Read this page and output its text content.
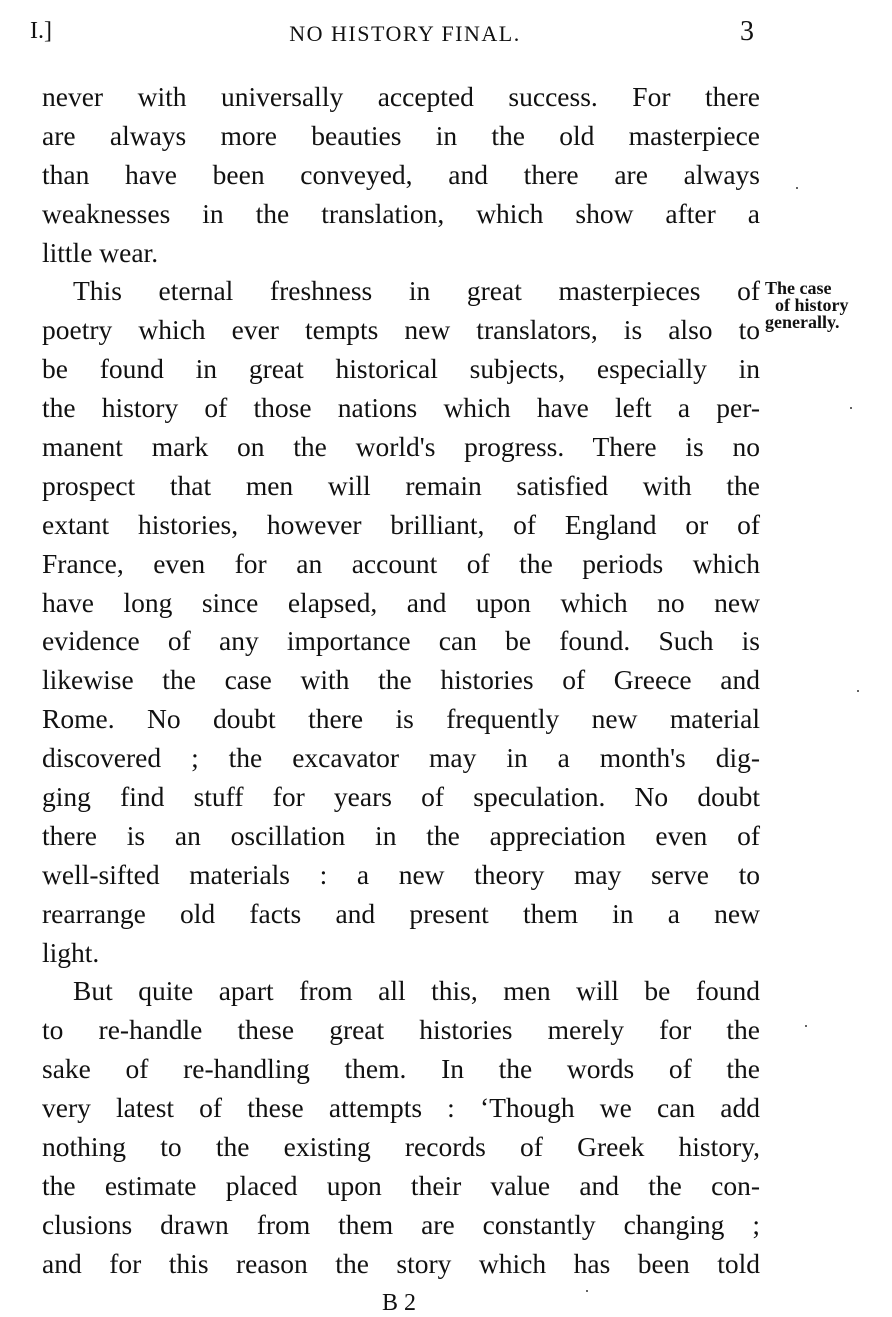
I.]	NO HISTORY FINAL.	3
never with universally accepted success. For there
are always more beauties in the old masterpiece
than have been conveyed, and there are always
weaknesses in the translation, which show after a
little wear.
This eternal freshness in great masterpieces of
poetry which ever tempts new translators, is also to
be found in great historical subjects, especially in
the history of those nations which have left a per-
manent mark on the world's progress. There is no
prospect that men will remain satisfied with the
extant histories, however brilliant, of England or of
France, even for an account of the periods which
have long since elapsed, and upon which no new
evidence of any importance can be found. Such is
likewise the case with the histories of Greece and
Rome. No doubt there is frequently new material
discovered ; the excavator may in a month's dig-
ging find stuff for years of speculation. No doubt
there is an oscillation in the appreciation even of
well-sifted materials : a new theory may serve to
rearrange old facts and present them in a new
light.
But quite apart from all this, men will be found
to re-handle these great histories merely for the
sake of re-handling them. In the words of the
very latest of these attempts : ‘Though we can add
nothing to the existing records of Greek history,
the estimate placed upon their value and the con-
clusions drawn from them are constantly changing ;
and for this reason the story which has been told
The case
of history
generally.
B 2
